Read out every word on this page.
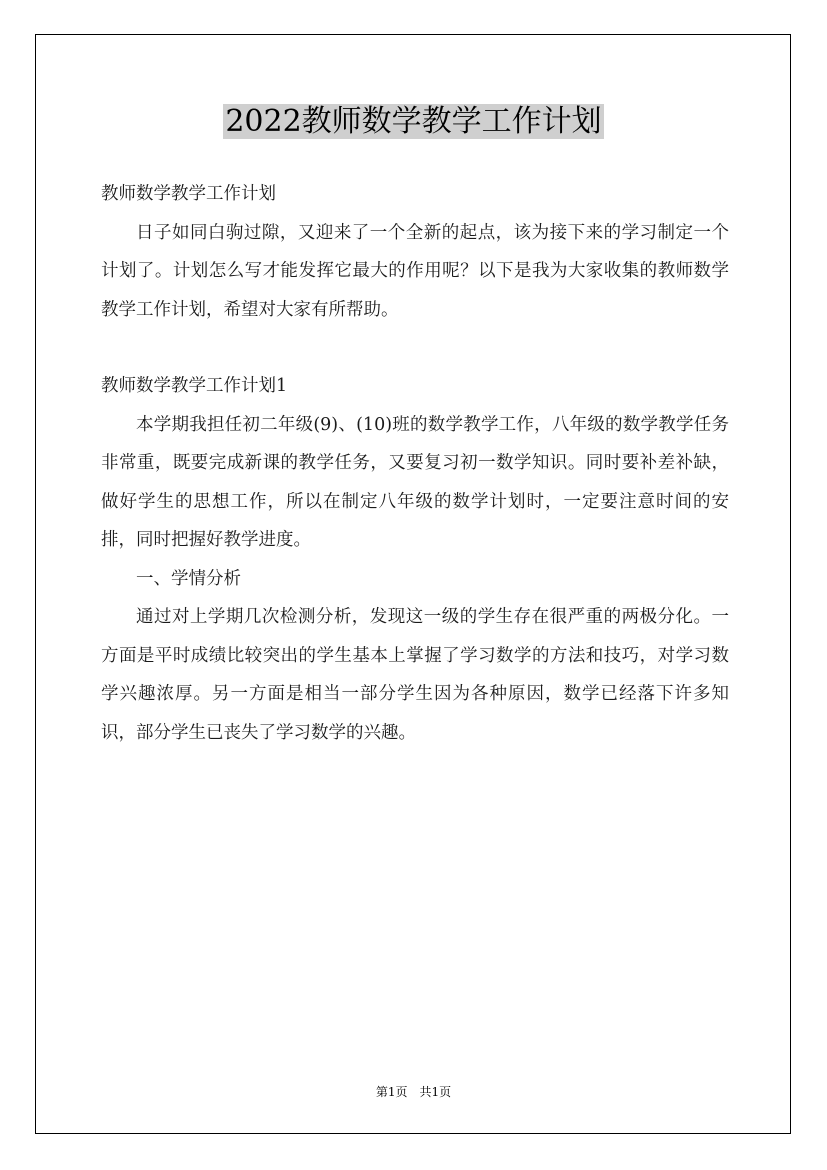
2022教师数学教学工作计划

教师数学教学工作计划

日子如同白驹过隙，又迎来了一个全新的起点，该为接下来的学习制定一个计划了。计划怎么写才能发挥它最大的作用呢？以下是我为大家收集的教师数学教学工作计划，希望对大家有所帮助。

教师数学教学工作计划1

本学期我担任初二年级(9)、(10)班的数学教学工作，八年级的数学教学任务非常重，既要完成新课的教学任务，又要复习初一数学知识。同时要补差补缺，做好学生的思想工作，所以在制定八年级的数学计划时，一定要注意时间的安排，同时把握好教学进度。

一、学情分析

通过对上学期几次检测分析，发现这一级的学生存在很严重的两极分化。一方面是平时成绩比较突出的学生基本上掌握了学习数学的方法和技巧，对学习数学兴趣浓厚。另一方面是相当一部分学生因为各种原因，数学已经落下许多知识，部分学生已丧失了学习数学的兴趣。

第1页　共1页
